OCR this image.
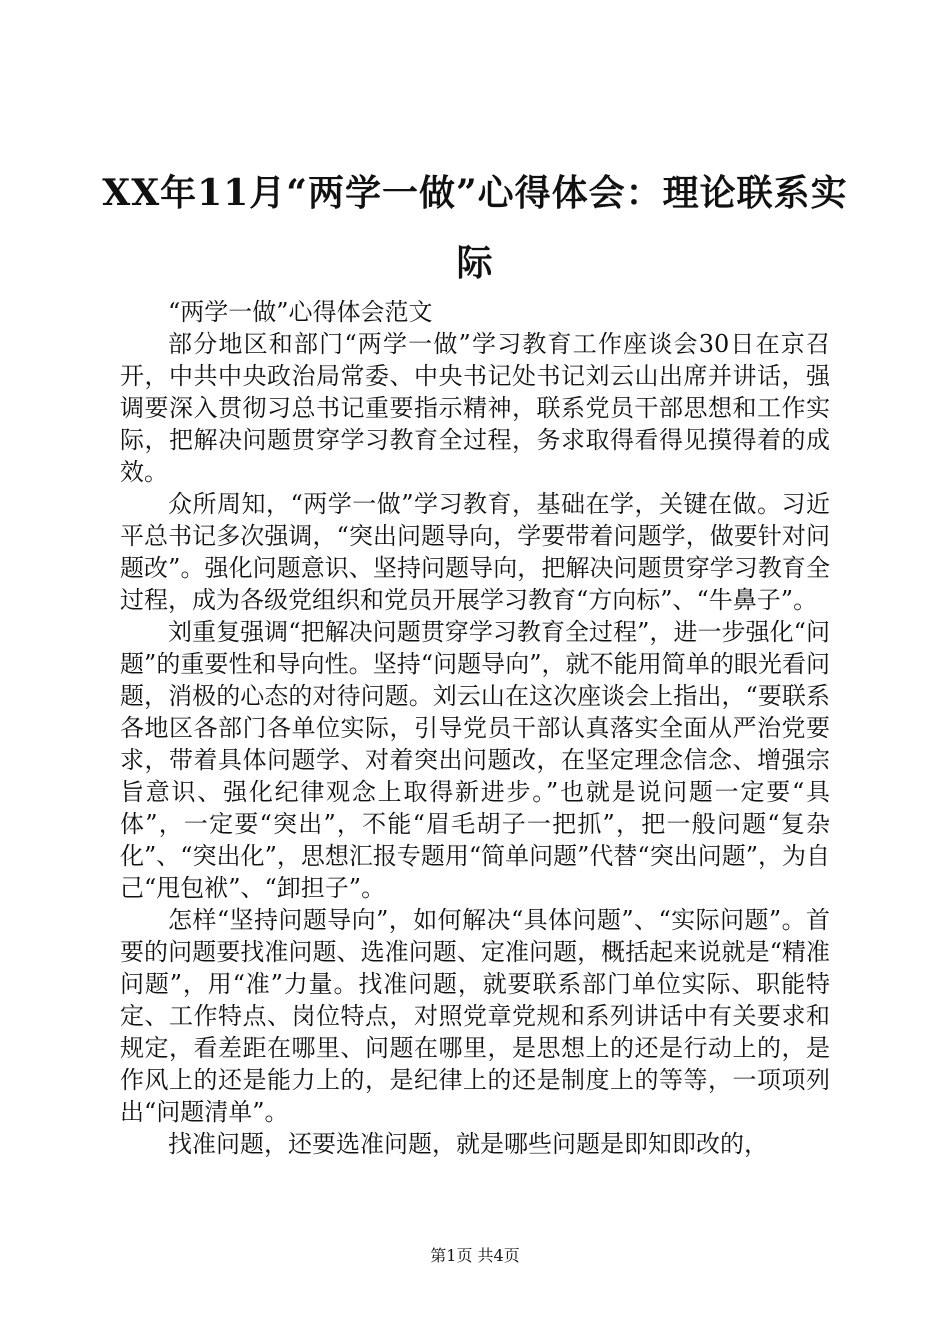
XX年11月“两学一做”心得体会：理论联系实际

“两学一做”心得体会范文

部分地区和部门“两学一做”学习教育工作座谈会30日在京召开，中共中央政治局常委、中央书记处书记刘云山出席并讲话，强调要深入贯彻习总书记重要指示精神，联系党员干部思想和工作实际，把解决问题贯穿学习教育全过程，务求取得看得见摸得着的成效。

众所周知，“两学一做”学习教育，基础在学，关键在做。习近平总书记多次强调，“突出问题导向，学要带着问题学，做要针对问题改”。强化问题意识、坚持问题导向，把解决问题贯穿学习教育全过程，成为各级党组织和党员开展学习教育“方向标”、“牛鼻子”。

刘重复强调“把解决问题贯穿学习教育全过程”，进一步强化“问题”的重要性和导向性。坚持“问题导向”，就不能用简单的眼光看问题，消极的心态的对待问题。刘云山在这次座谈会上指出，“要联系各地区各部门各单位实际，引导党员干部认真落实全面从严治党要求，带着具体问题学、对着突出问题改，在坚定理念信念、增强宗旨意识、强化纪律观念上取得新进步。”也就是说问题一定要“具体”，一定要“突出”，不能“眉毛胡子一把抓”，把一般问题“复杂化”、“突出化”，思想汇报专题用“简单问题”代替“突出问题”，为自己“甩包袱”、“卸担子”。

怎样“坚持问题导向”，如何解决“具体问题”、“实际问题”。首要的问题要找准问题、选准问题、定准问题，概括起来说就是“精准问题”，用“准”力量。找准问题，就要联系部门单位实际、职能特定、工作特点、岗位特点，对照党章党规和系列讲话中有关要求和规定，看差距在哪里、问题在哪里，是思想上的还是行动上的，是作风上的还是能力上的，是纪律上的还是制度上的等等，一项项列出“问题清单”。

找准问题，还要选准问题，就是哪些问题是即知即改的，

第1页 共4页
